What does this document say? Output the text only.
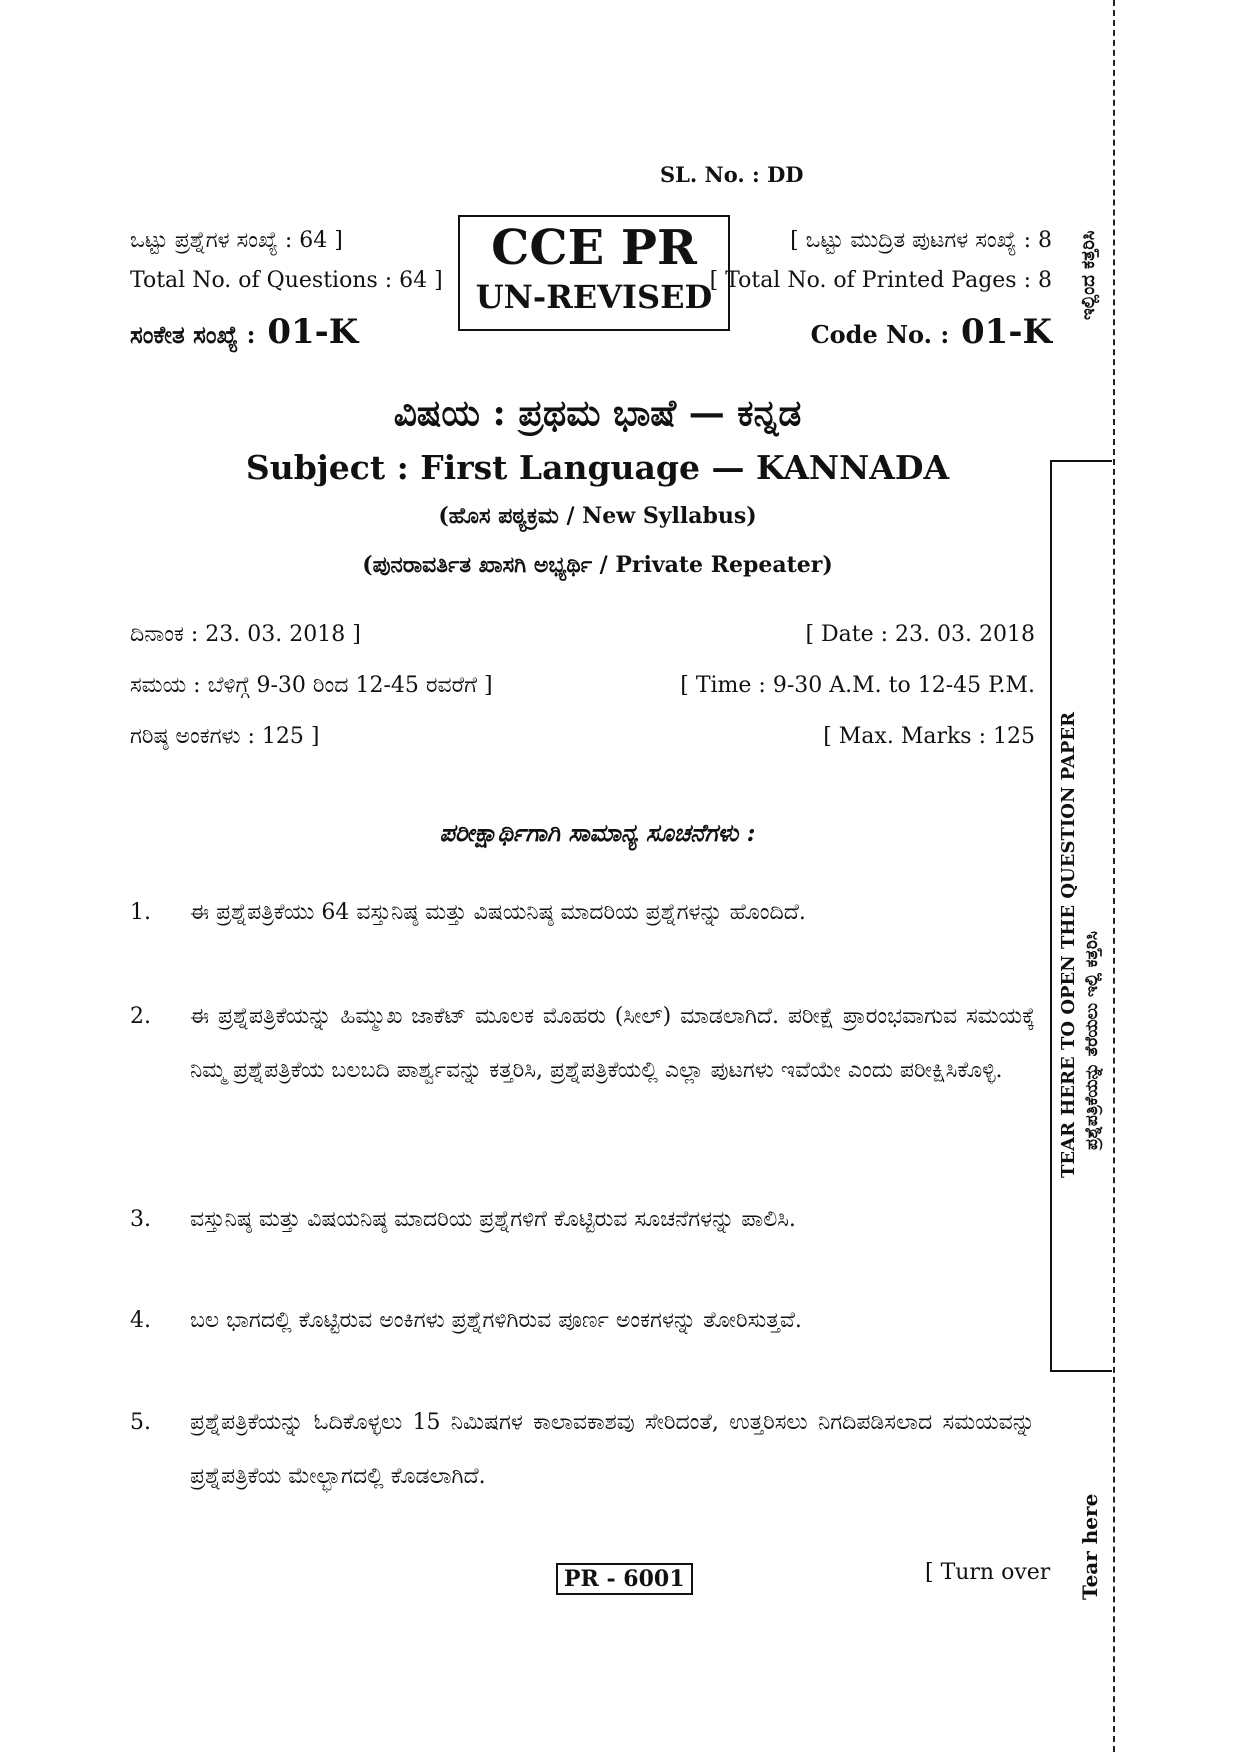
SL. No. : DD
ಒಟ್ಟು ಪ್ರಶ್ನೆಗಳ ಸಂಖ್ಯೆ : 64 ]
Total No. of Questions : 64 ]
ಸಂಕೇತ ಸಂಖ್ಯೆ : 01-K
CCE PR
UN-REVISED
[ ಒಟ್ಟು ಮುದ್ರಿತ ಪುಟಗಳ ಸಂಖ್ಯೆ : 8
[ Total No. of Printed Pages : 8
Code No. : 01-K
ವಿಷಯ : ಪ್ರಥಮ ಭಾಷೆ — ಕನ್ನಡ
Subject : First Language — KANNADA
(ಹೊಸ ಪಠ್ಯಕ್ರಮ / New Syllabus)
(ಪುನರಾವರ್ತಿತ ಖಾಸಗಿ ಅಭ್ಯರ್ಥಿ / Private Repeater)
ದಿನಾಂಕ : 23. 03. 2018 ]	[ Date : 23. 03. 2018
ಸಮಯ : ಬೆಳಿಗ್ಗೆ 9-30 ರಿಂದ 12-45 ರವರೆಗೆ ]	[ Time : 9-30 A.M. to 12-45 P.M.
ಗರಿಷ್ಠ ಅಂಕಗಳು : 125 ]	[ Max. Marks : 125
ಪರೀಕ್ಷಾರ್ಥಿಗಾಗಿ ಸಾಮಾನ್ಯ ಸೂಚನೆಗಳು :
1. ಈ ಪ್ರಶ್ನೆಪತ್ರಿಕೆಯು 64 ವಸ್ತುನಿಷ್ಠ ಮತ್ತು ವಿಷಯನಿಷ್ಠ ಮಾದರಿಯ ಪ್ರಶ್ನೆಗಳನ್ನು ಹೊಂದಿದೆ.
2. ಈ ಪ್ರಶ್ನೆಪತ್ರಿಕೆಯನ್ನು ಹಿಮ್ಮುಖ ಜಾಕೆಟ್ ಮೂಲಕ ಮೊಹರು (ಸೀಲ್) ಮಾಡಲಾಗಿದೆ. ಪರೀಕ್ಷೆ ಪ್ರಾರಂಭವಾಗುವ ಸಮಯಕ್ಕೆ ನಿಮ್ಮ ಪ್ರಶ್ನೆಪತ್ರಿಕೆಯ ಬಲಬದಿ ಪಾರ್ಶ್ವವನ್ನು ಕತ್ತರಿಸಿ, ಪ್ರಶ್ನೆಪತ್ರಿಕೆಯಲ್ಲಿ ಎಲ್ಲಾ ಪುಟಗಳು ಇವೆಯೇ ಎಂದು ಪರೀಕ್ಷಿಸಿಕೊಳ್ಳಿ.
3. ವಸ್ತುನಿಷ್ಠ ಮತ್ತು ವಿಷಯನಿಷ್ಠ ಮಾದರಿಯ ಪ್ರಶ್ನೆಗಳಿಗೆ ಕೊಟ್ಟಿರುವ ಸೂಚನೆಗಳನ್ನು ಪಾಲಿಸಿ.
4. ಬಲ ಭಾಗದಲ್ಲಿ ಕೊಟ್ಟಿರುವ ಅಂಕಿಗಳು ಪ್ರಶ್ನೆಗಳಿಗಿರುವ ಪೂರ್ಣ ಅಂಕಗಳನ್ನು ತೋರಿಸುತ್ತವೆ.
5. ಪ್ರಶ್ನೆಪತ್ರಿಕೆಯನ್ನು ಓದಿಕೊಳ್ಳಲು 15 ನಿಮಿಷಗಳ ಕಾಲಾವಕಾಶವು ಸೇರಿದಂತೆ, ಉತ್ತರಿಸಲು ನಿಗದಿಪಡಿಸಲಾದ ಸಮಯವನ್ನು ಪ್ರಶ್ನೆಪತ್ರಿಕೆಯ ಮೇಲ್ಭಾಗದಲ್ಲಿ ಕೊಡಲಾಗಿದೆ.
ಇಲ್ಲಿಂದ ಕತ್ತರಿಸಿ
TEAR HERE TO OPEN THE QUESTION PAPER ಪ್ರಶ್ನೆಪತ್ರಿಕೆಯನ್ನು ತೆರೆಯಲು ಇಲ್ಲಿ ಕತ್ತರಿಸಿ
Tear here
PR - 6001	[ Turn over
